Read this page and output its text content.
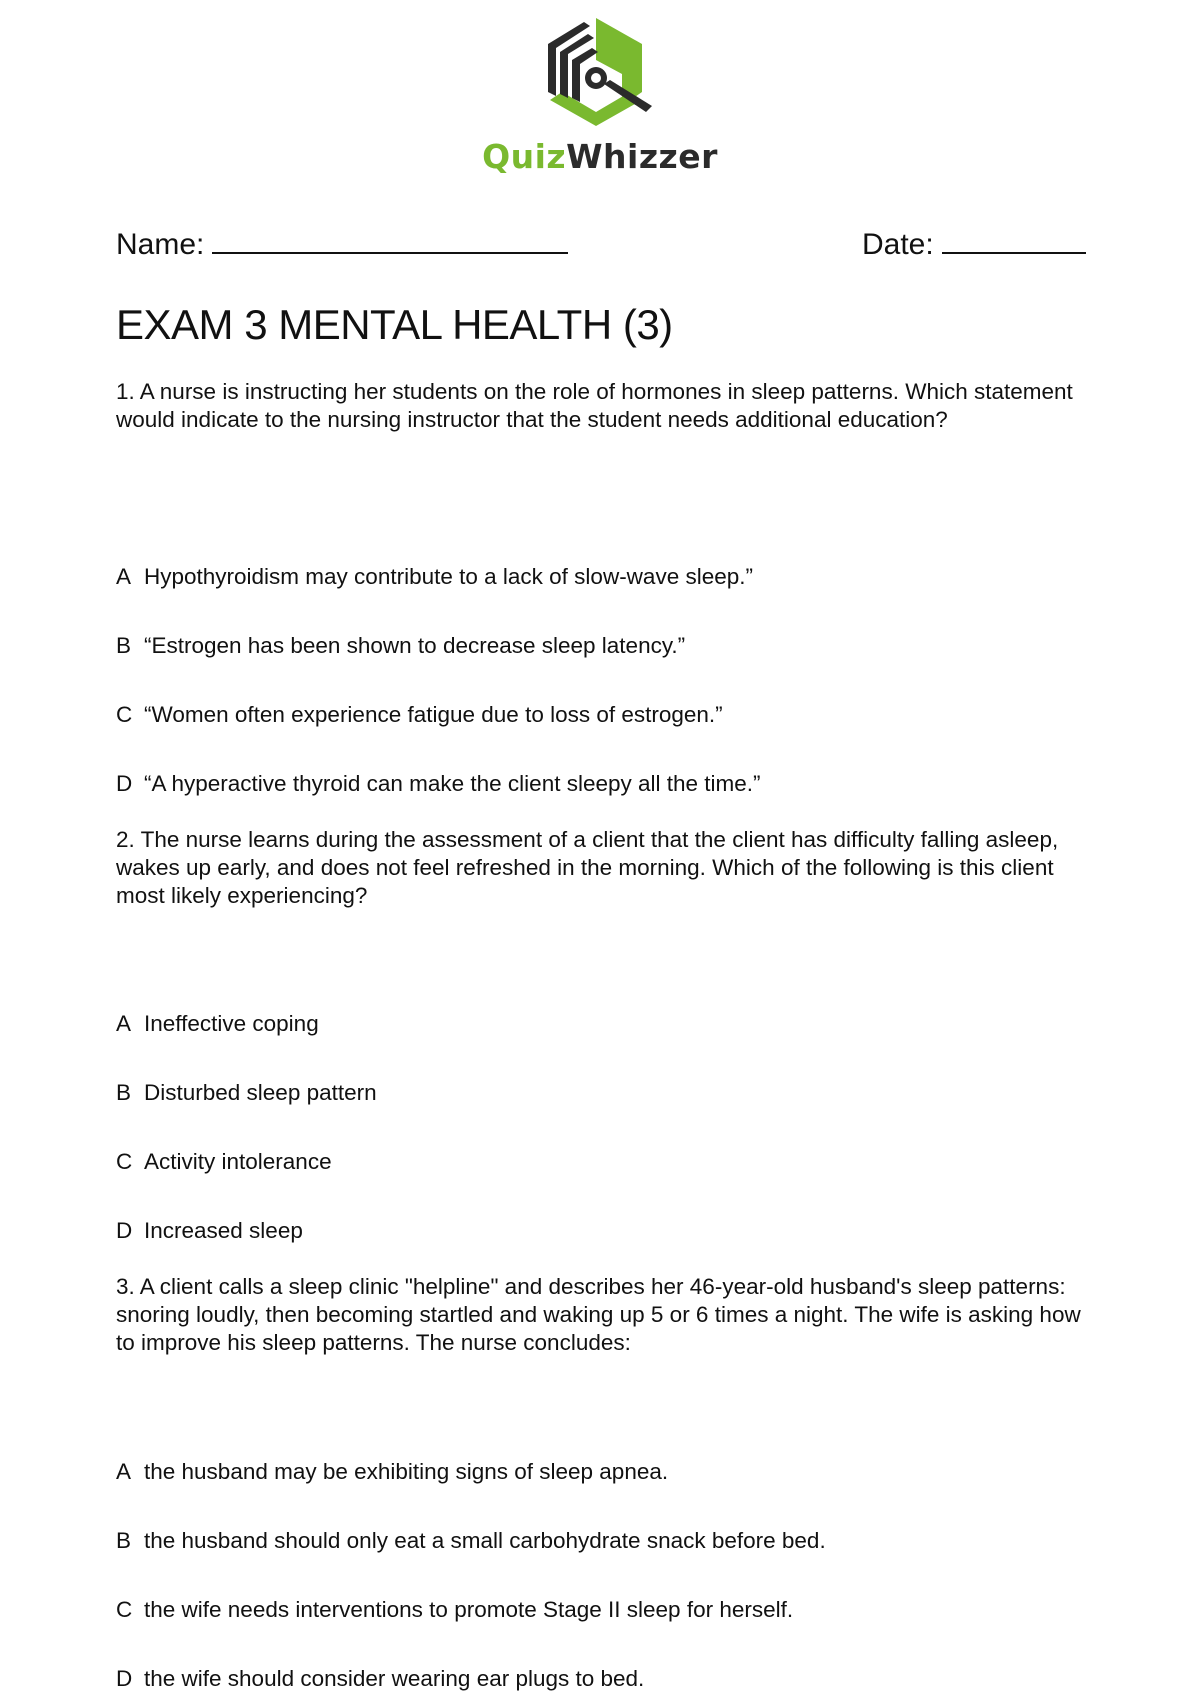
QuizWhizzer
Name:	Date:
EXAM 3 MENTAL HEALTH (3)

1. A nurse is instructing her students on the role of hormones in sleep patterns. Which statement would indicate to the nursing instructor that the student needs additional education?

A Hypothyroidism may contribute to a lack of slow-wave sleep.”
B “Estrogen has been shown to decrease sleep latency.”
C “Women often experience fatigue due to loss of estrogen.”
D “A hyperactive thyroid can make the client sleepy all the time.”

2. The nurse learns during the assessment of a client that the client has difficulty falling asleep, wakes up early, and does not feel refreshed in the morning. Which of the following is this client most likely experiencing?

A Ineffective coping
B Disturbed sleep pattern
C Activity intolerance
D Increased sleep

3. A client calls a sleep clinic "helpline" and describes her 46-year-old husband's sleep patterns: snoring loudly, then becoming startled and waking up 5 or 6 times a night. The wife is asking how to improve his sleep patterns. The nurse concludes:

A the husband may be exhibiting signs of sleep apnea.
B the husband should only eat a small carbohydrate snack before bed.
C the wife needs interventions to promote Stage II sleep for herself.
D the wife should consider wearing ear plugs to bed.
